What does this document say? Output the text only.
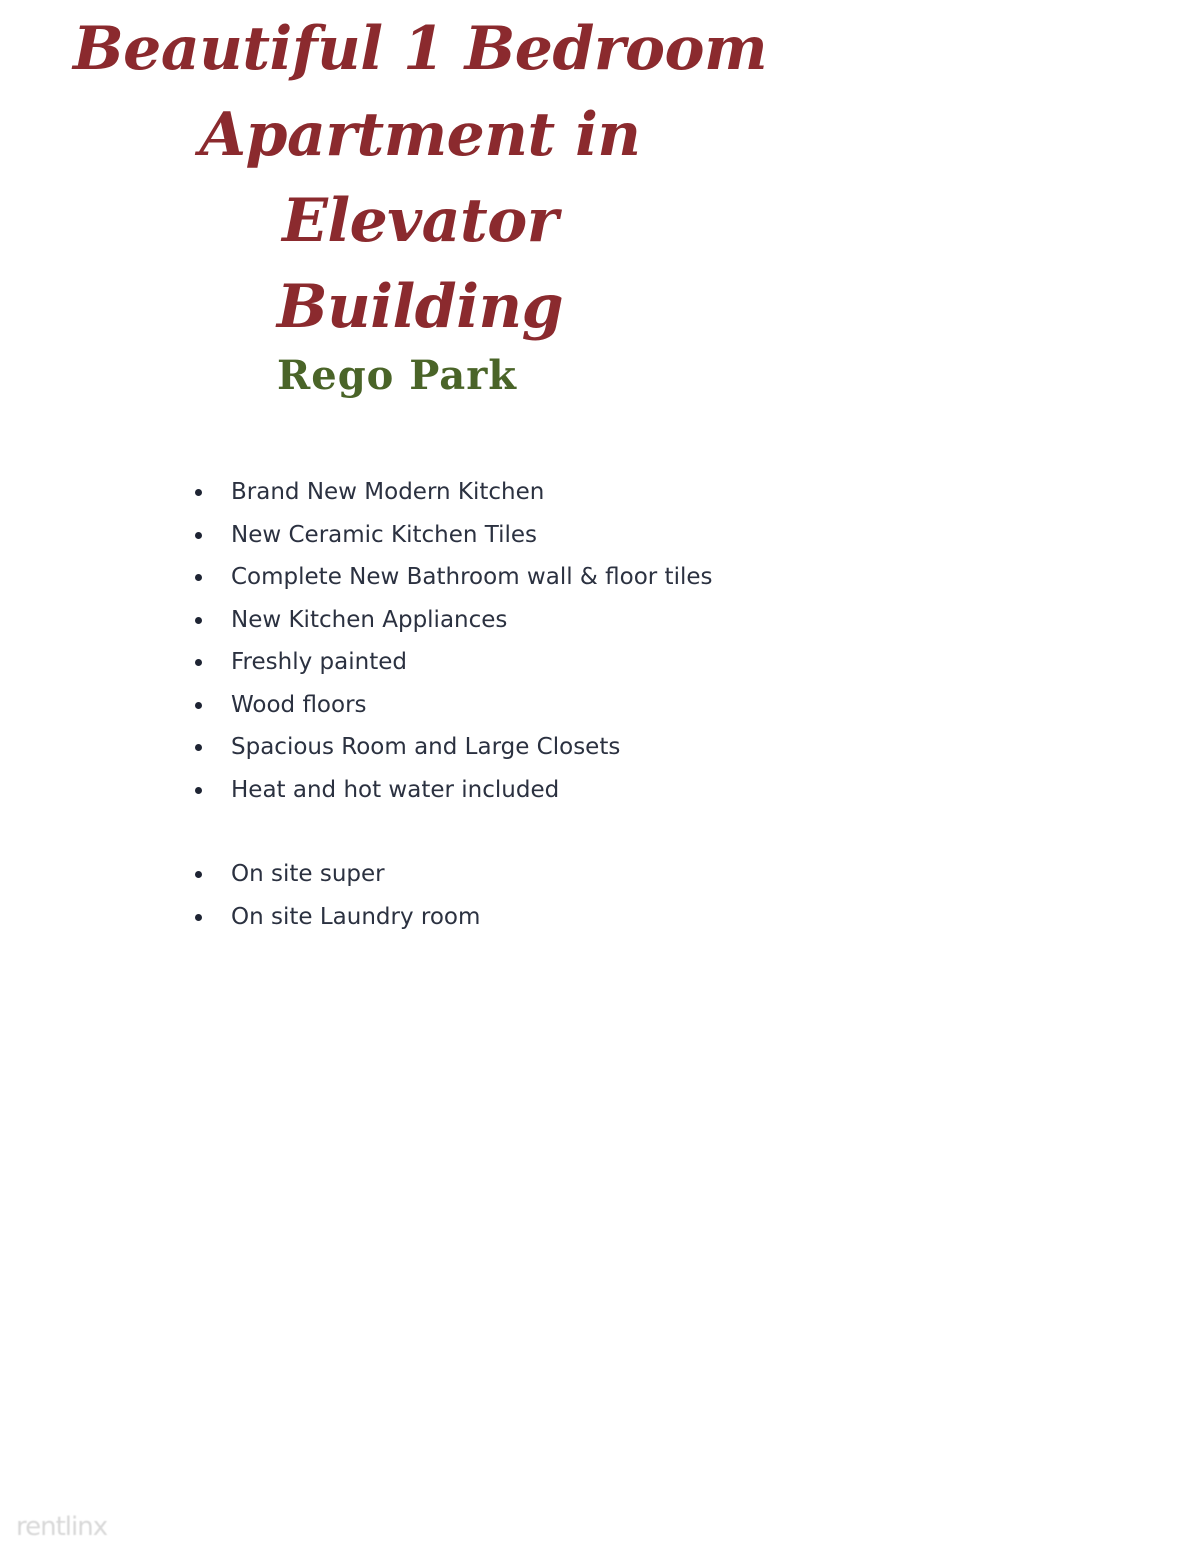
Beautiful 1 Bedroom
Apartment in Elevator
Building
Rego Park
Brand New Modern Kitchen
New Ceramic Kitchen Tiles
Complete New Bathroom wall & floor tiles
New Kitchen Appliances
Freshly painted
Wood floors
Spacious Room and Large Closets
Heat and hot water included
On site super
On site Laundry room
rentlinx
